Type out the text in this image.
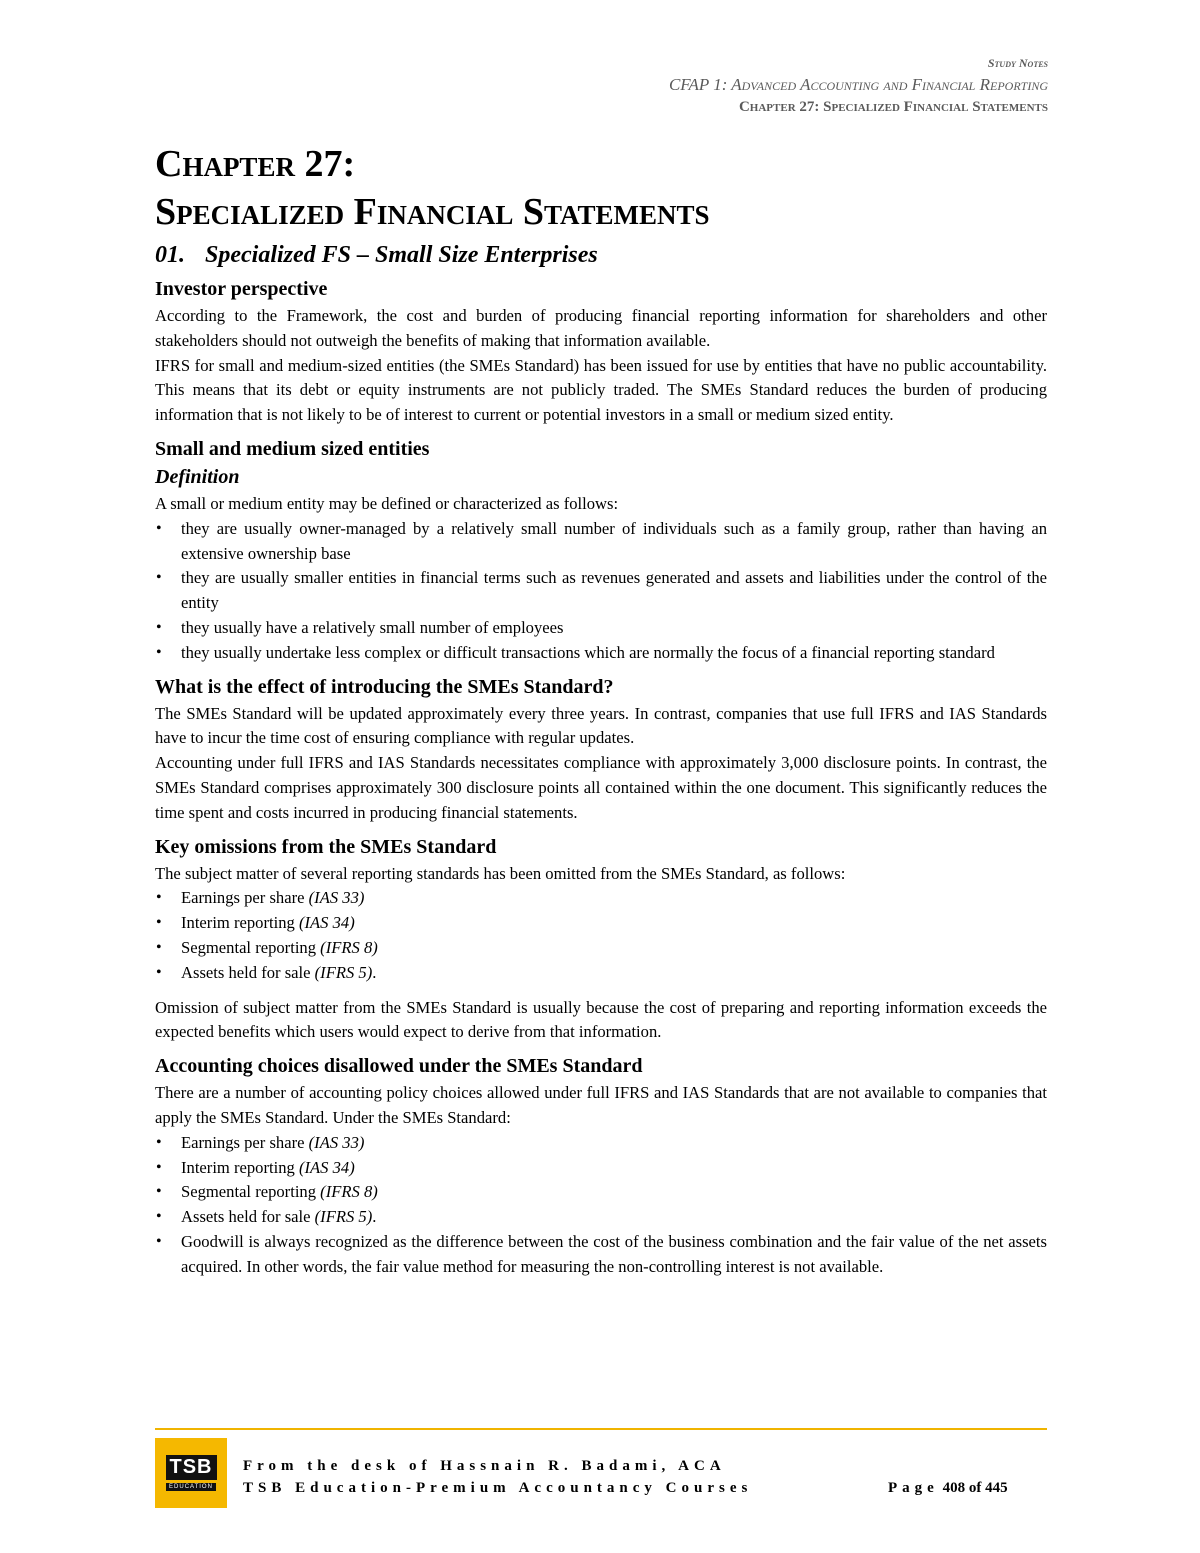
Study Notes
CFAP 1: Advanced Accounting and Financial Reporting
Chapter 27: Specialized Financial Statements
Chapter 27:
Specialized Financial Statements
01. Specialized FS – Small Size Enterprises
Investor perspective

According to the Framework, the cost and burden of producing financial reporting information for shareholders and other stakeholders should not outweigh the benefits of making that information available.

IFRS for small and medium-sized entities (the SMEs Standard) has been issued for use by entities that have no public accountability. This means that its debt or equity instruments are not publicly traded. The SMEs Standard reduces the burden of producing information that is not likely to be of interest to current or potential investors in a small or medium sized entity.

Small and medium sized entities
Definition

A small or medium entity may be defined or characterized as follows:

• they are usually owner-managed by a relatively small number of individuals such as a family group, rather than having an extensive ownership base
• they are usually smaller entities in financial terms such as revenues generated and assets and liabilities under the control of the entity
• they usually have a relatively small number of employees
• they usually undertake less complex or difficult transactions which are normally the focus of a financial reporting standard
What is the effect of introducing the SMEs Standard?

The SMEs Standard will be updated approximately every three years. In contrast, companies that use full IFRS and IAS Standards have to incur the time cost of ensuring compliance with regular updates.

Accounting under full IFRS and IAS Standards necessitates compliance with approximately 3,000 disclosure points. In contrast, the SMEs Standard comprises approximately 300 disclosure points all contained within the one document. This significantly reduces the time spent and costs incurred in producing financial statements.

Key omissions from the SMEs Standard

The subject matter of several reporting standards has been omitted from the SMEs Standard, as follows:

• Earnings per share (IAS 33)
• Interim reporting (IAS 34)
• Segmental reporting (IFRS 8)
• Assets held for sale (IFRS 5).

Omission of subject matter from the SMEs Standard is usually because the cost of preparing and reporting information exceeds the expected benefits which users would expect to derive from that information.

Accounting choices disallowed under the SMEs Standard

There are a number of accounting policy choices allowed under full IFRS and IAS Standards that are not available to companies that apply the SMEs Standard. Under the SMEs Standard:

• Earnings per share (IAS 33)
• Interim reporting (IAS 34)
• Segmental reporting (IFRS 8)
• Assets held for sale (IFRS 5).
• Goodwill is always recognized as the difference between the cost of the business combination and the fair value of the net assets acquired. In other words, the fair value method for measuring the non-controlling interest is not available.
TSB
EDUCATION
From the desk of Hassnain R. Badami, ACA
TSB Education-Premium Accountancy Courses	Page 408 of 445
